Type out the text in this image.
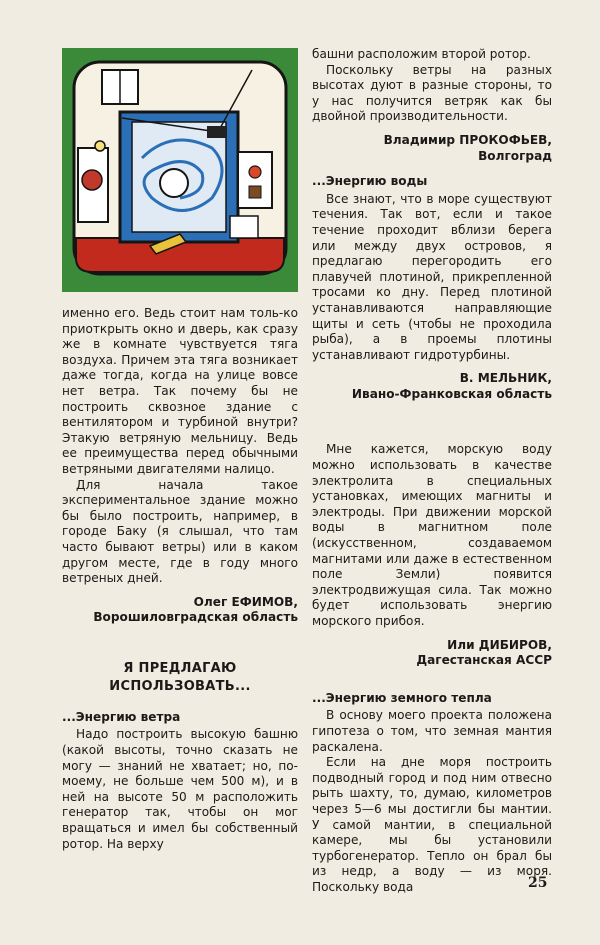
именно его. Ведь стоит нам толь-ко приоткрыть окно и дверь, как сразу же в комнате чувствуется тяга воздуха. Причем эта тяга возникает даже тогда, когда на улице вовсе нет ветра. Так почему бы не построить сквозное здание с вентилятором и турбиной внутри? Этакую ветряную мельницу. Ведь ее преимущества перед обычными ветряными двигателями налицо.

Для начала такое экспериментальное здание можно бы было построить, например, в городе Баку (я слышал, что там часто бывают ветры) или в каком другом месте, где в году много ветреных дней.

Олег ЕФИМОВ,
Ворошиловградская область
Я ПРЕДЛАГАЮ
ИСПОЛЬЗОВАТЬ...
...Энергию ветра

Надо построить высокую башню (какой высоты, точно сказать не могу — знаний не хватает; но, по-моему, не больше чем 500 м), и в ней на высоте 50 м расположить генератор так, чтобы он мог вращаться и имел бы собственный ротор. На верху

башни расположим второй ротор.

Поскольку ветры на разных высотах дуют в разные стороны, то у нас получится ветряк как бы двойной производительности.

Владимир ПРОКОФЬЕВ,
Волгоград
...Энергию воды

Все знают, что в море существуют течения. Так вот, если и такое течение проходит вблизи берега или между двух островов, я предлагаю перегородить его плавучей плотиной, прикрепленной тросами ко дну. Перед плотиной устанавливаются направляющие щиты и сеть (чтобы не проходила рыба), а в проемы плотины устанавливают гидротурбины.

В. МЕЛЬНИК,
Ивано-Франковская область

Мне кажется, морскую воду можно использовать в качестве электролита в специальных установках, имеющих магниты и электроды. При движении морской воды в магнитном поле (искусственном, создаваемом магнитами или даже в естественном поле Земли) появится электродвижущая сила. Так можно будет использовать энергию морского прибоя.

Или ДИБИРОВ,
Дагестанская АССР
...Энергию земного тепла

В основу моего проекта положена гипотеза о том, что земная мантия раскалена.

Если на дне моря построить подводный город и под ним отвесно рыть шахту, то, думаю, километров через 5—6 мы достигли бы мантии. У самой мантии, в специальной камере, мы бы установили турбогенератор. Тепло он брал бы из недр, а воду — из моря. Поскольку вода	25
